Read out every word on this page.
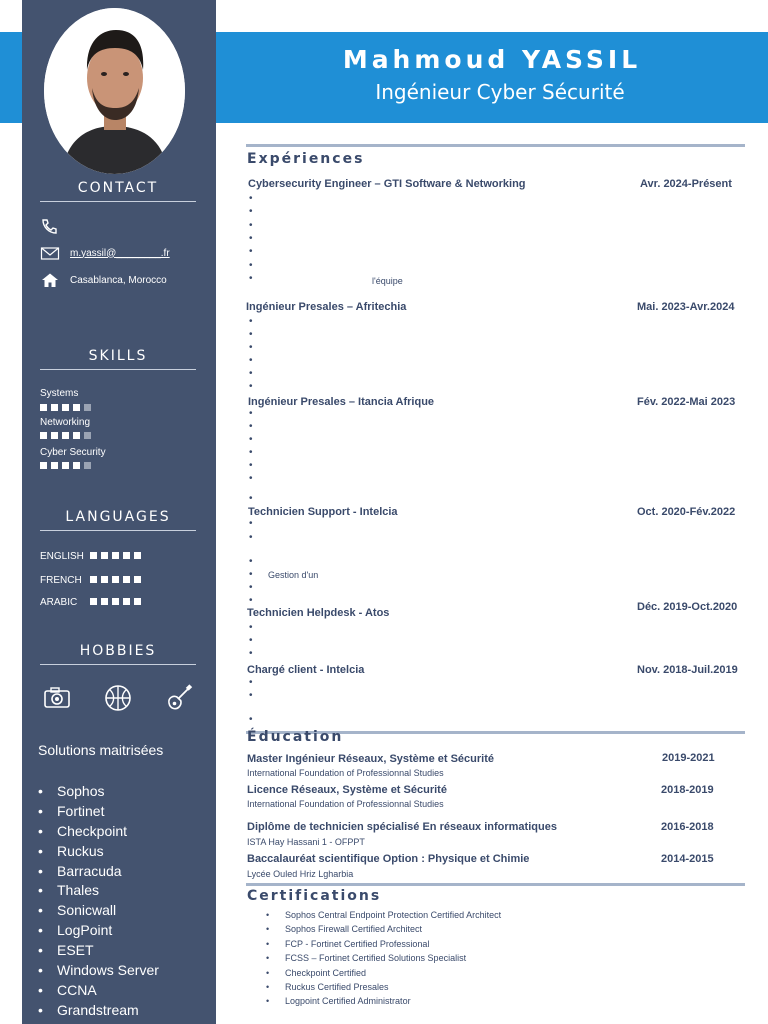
Mahmoud YASSIL
Ingénieur Cyber Sécurité
CONTACT
m.yassil@________.fr
Casablanca, Morocco
SKILLS
Systems
Networking
Cyber Security
LANGUAGES
ENGLISH
FRENCH
ARABIC
HOBBIES
Solutions maitrisées
•	Sophos
•	Fortinet
•	Checkpoint
•	Ruckus
•	Barracuda
•	Thales
•	Sonicwall
•	LogPoint
•	ESET
•	Windows Server
•	CCNA
•	Grandstream
Expériences
Cybersecurity Engineer – GTI Software & Networking	Avr. 2024-Présent
•
•
•
•
•
•
•	l'équipe
Ingénieur Presales – Afritechia	Mai. 2023-Avr.2024
•
•
•
•
•
•
Ingénieur Presales – Itancia Afrique	Fév. 2022-Mai 2023
•
•
•
•
•
•
•
Technicien Support - Intelcia	Oct. 2020-Fév.2022
•
•
•
• Gestion d'un
•
•
Technicien Helpdesk - Atos	Déc. 2019-Oct.2020
•
•
•
Chargé client - Intelcia	Nov. 2018-Juil.2019
•
•
•
Éducation
Master Ingénieur Réseaux, Système et Sécurité
International Foundation of Professionnal Studies
2019-2021
Licence Réseaux, Système et Sécurité
International Foundation of Professionnal Studies
2018-2019
Diplôme de technicien spécialisé En réseaux informatiques
ISTA Hay Hassani 1 - OFPPT
2016-2018
Baccalauréat scientifique Option : Physique et Chimie
Lycée Ouled Hriz Lgharbia
2014-2015
Certifications
•	Sophos Central Endpoint Protection Certified Architect
•	Sophos Firewall Certified Architect
•	FCP - Fortinet Certified Professional
•	FCSS – Fortinet Certified Solutions Specialist
•	Checkpoint Certified
•	Ruckus Certified Presales
•	Logpoint Certified Administrator
